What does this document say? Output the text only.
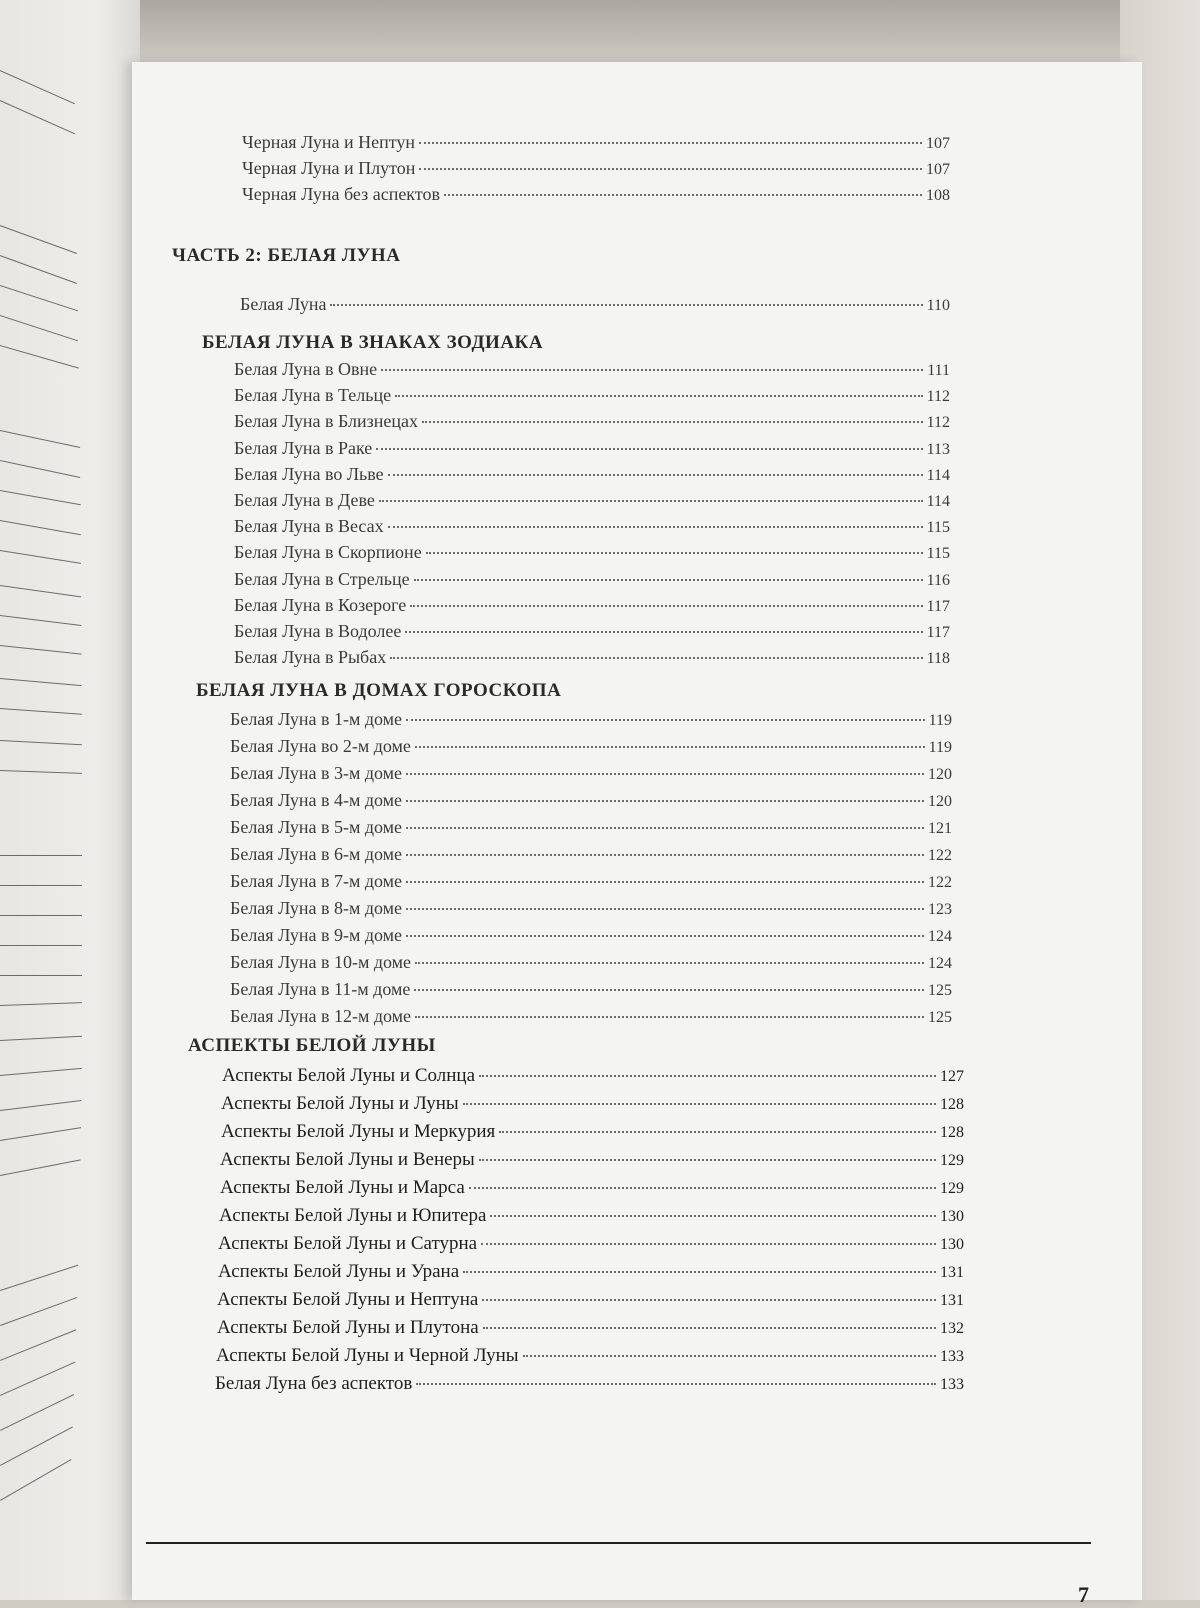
Черная Луна и Нептун	107
Черная Луна и Плутон	107
Черная Луна без аспектов	108
ЧАСТЬ 2: БЕЛАЯ ЛУНА
Белая Луна	110
БЕЛАЯ ЛУНА В ЗНАКАХ ЗОДИАКА
Белая Луна в Овне	111
Белая Луна в Тельце	112
Белая Луна в Близнецах	112
Белая Луна в Раке	113
Белая Луна во Льве	114
Белая Луна в Деве	114
Белая Луна в Весах	115
Белая Луна в Скорпионе	115
Белая Луна в Стрельце	116
Белая Луна в Козероге	117
Белая Луна в Водолее	117
Белая Луна в Рыбах	118
БЕЛАЯ ЛУНА В ДОМАХ ГОРОСКОПА
Белая Луна в 1-м доме	119
Белая Луна во 2-м доме	119
Белая Луна в 3-м доме	120
Белая Луна в 4-м доме	120
Белая Луна в 5-м доме	121
Белая Луна в 6-м доме	122
Белая Луна в 7-м доме	122
Белая Луна в 8-м доме	123
Белая Луна в 9-м доме	124
Белая Луна в 10-м доме	124
Белая Луна в 11-м доме	125
Белая Луна в 12-м доме	125
АСПЕКТЫ БЕЛОЙ ЛУНЫ
Аспекты Белой Луны и Солнца	127
Аспекты Белой Луны и Луны	128
Аспекты Белой Луны и Меркурия	128
Аспекты Белой Луны и Венеры	129
Аспекты Белой Луны и Марса	129
Аспекты Белой Луны и Юпитера	130
Аспекты Белой Луны и Сатурна	130
Аспекты Белой Луны и Урана	131
Аспекты Белой Луны и Нептуна	131
Аспекты Белой Луны и Плутона	132
Аспекты Белой Луны и Черной Луны	133
Белая Луна без аспектов	133
7
